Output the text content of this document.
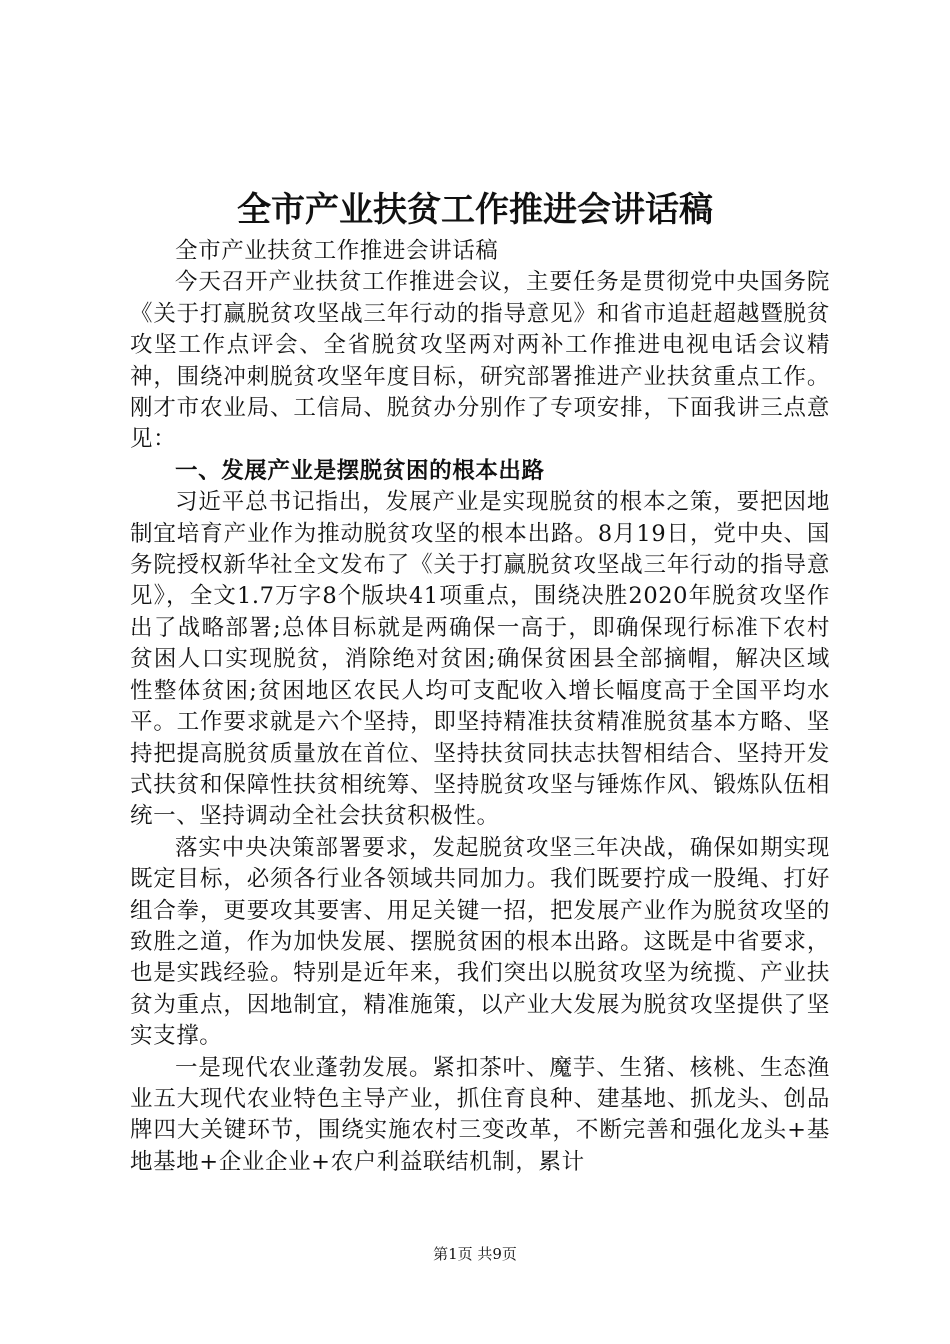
全市产业扶贫工作推进会讲话稿

全市产业扶贫工作推进会讲话稿

今天召开产业扶贫工作推进会议，主要任务是贯彻党中央国务院《关于打赢脱贫攻坚战三年行动的指导意见》和省市追赶超越暨脱贫攻坚工作点评会、全省脱贫攻坚两对两补工作推进电视电话会议精神，围绕冲刺脱贫攻坚年度目标，研究部署推进产业扶贫重点工作。刚才市农业局、工信局、脱贫办分别作了专项安排，下面我讲三点意见：

一、发展产业是摆脱贫困的根本出路

习近平总书记指出，发展产业是实现脱贫的根本之策，要把因地制宜培育产业作为推动脱贫攻坚的根本出路。8月19日，党中央、国务院授权新华社全文发布了《关于打赢脱贫攻坚战三年行动的指导意见》，全文1.7万字8个版块41项重点，围绕决胜2020年脱贫攻坚作出了战略部署;总体目标就是两确保一高于，即确保现行标准下农村贫困人口实现脱贫，消除绝对贫困;确保贫困县全部摘帽，解决区域性整体贫困;贫困地区农民人均可支配收入增长幅度高于全国平均水平。工作要求就是六个坚持，即坚持精准扶贫精准脱贫基本方略、坚持把提高脱贫质量放在首位、坚持扶贫同扶志扶智相结合、坚持开发式扶贫和保障性扶贫相统筹、坚持脱贫攻坚与锤炼作风、锻炼队伍相统一、坚持调动全社会扶贫积极性。

落实中央决策部署要求，发起脱贫攻坚三年决战，确保如期实现既定目标，必须各行业各领域共同加力。我们既要拧成一股绳、打好组合拳，更要攻其要害、用足关键一招，把发展产业作为脱贫攻坚的致胜之道，作为加快发展、摆脱贫困的根本出路。这既是中省要求，也是实践经验。特别是近年来，我们突出以脱贫攻坚为统揽、产业扶贫为重点，因地制宜，精准施策，以产业大发展为脱贫攻坚提供了坚实支撑。

一是现代农业蓬勃发展。紧扣茶叶、魔芋、生猪、核桃、生态渔业五大现代农业特色主导产业，抓住育良种、建基地、抓龙头、创品牌四大关键环节，围绕实施农村三变改革，不断完善和强化龙头+基地基地+企业企业+农户利益联结机制，累计

第1页 共9页
